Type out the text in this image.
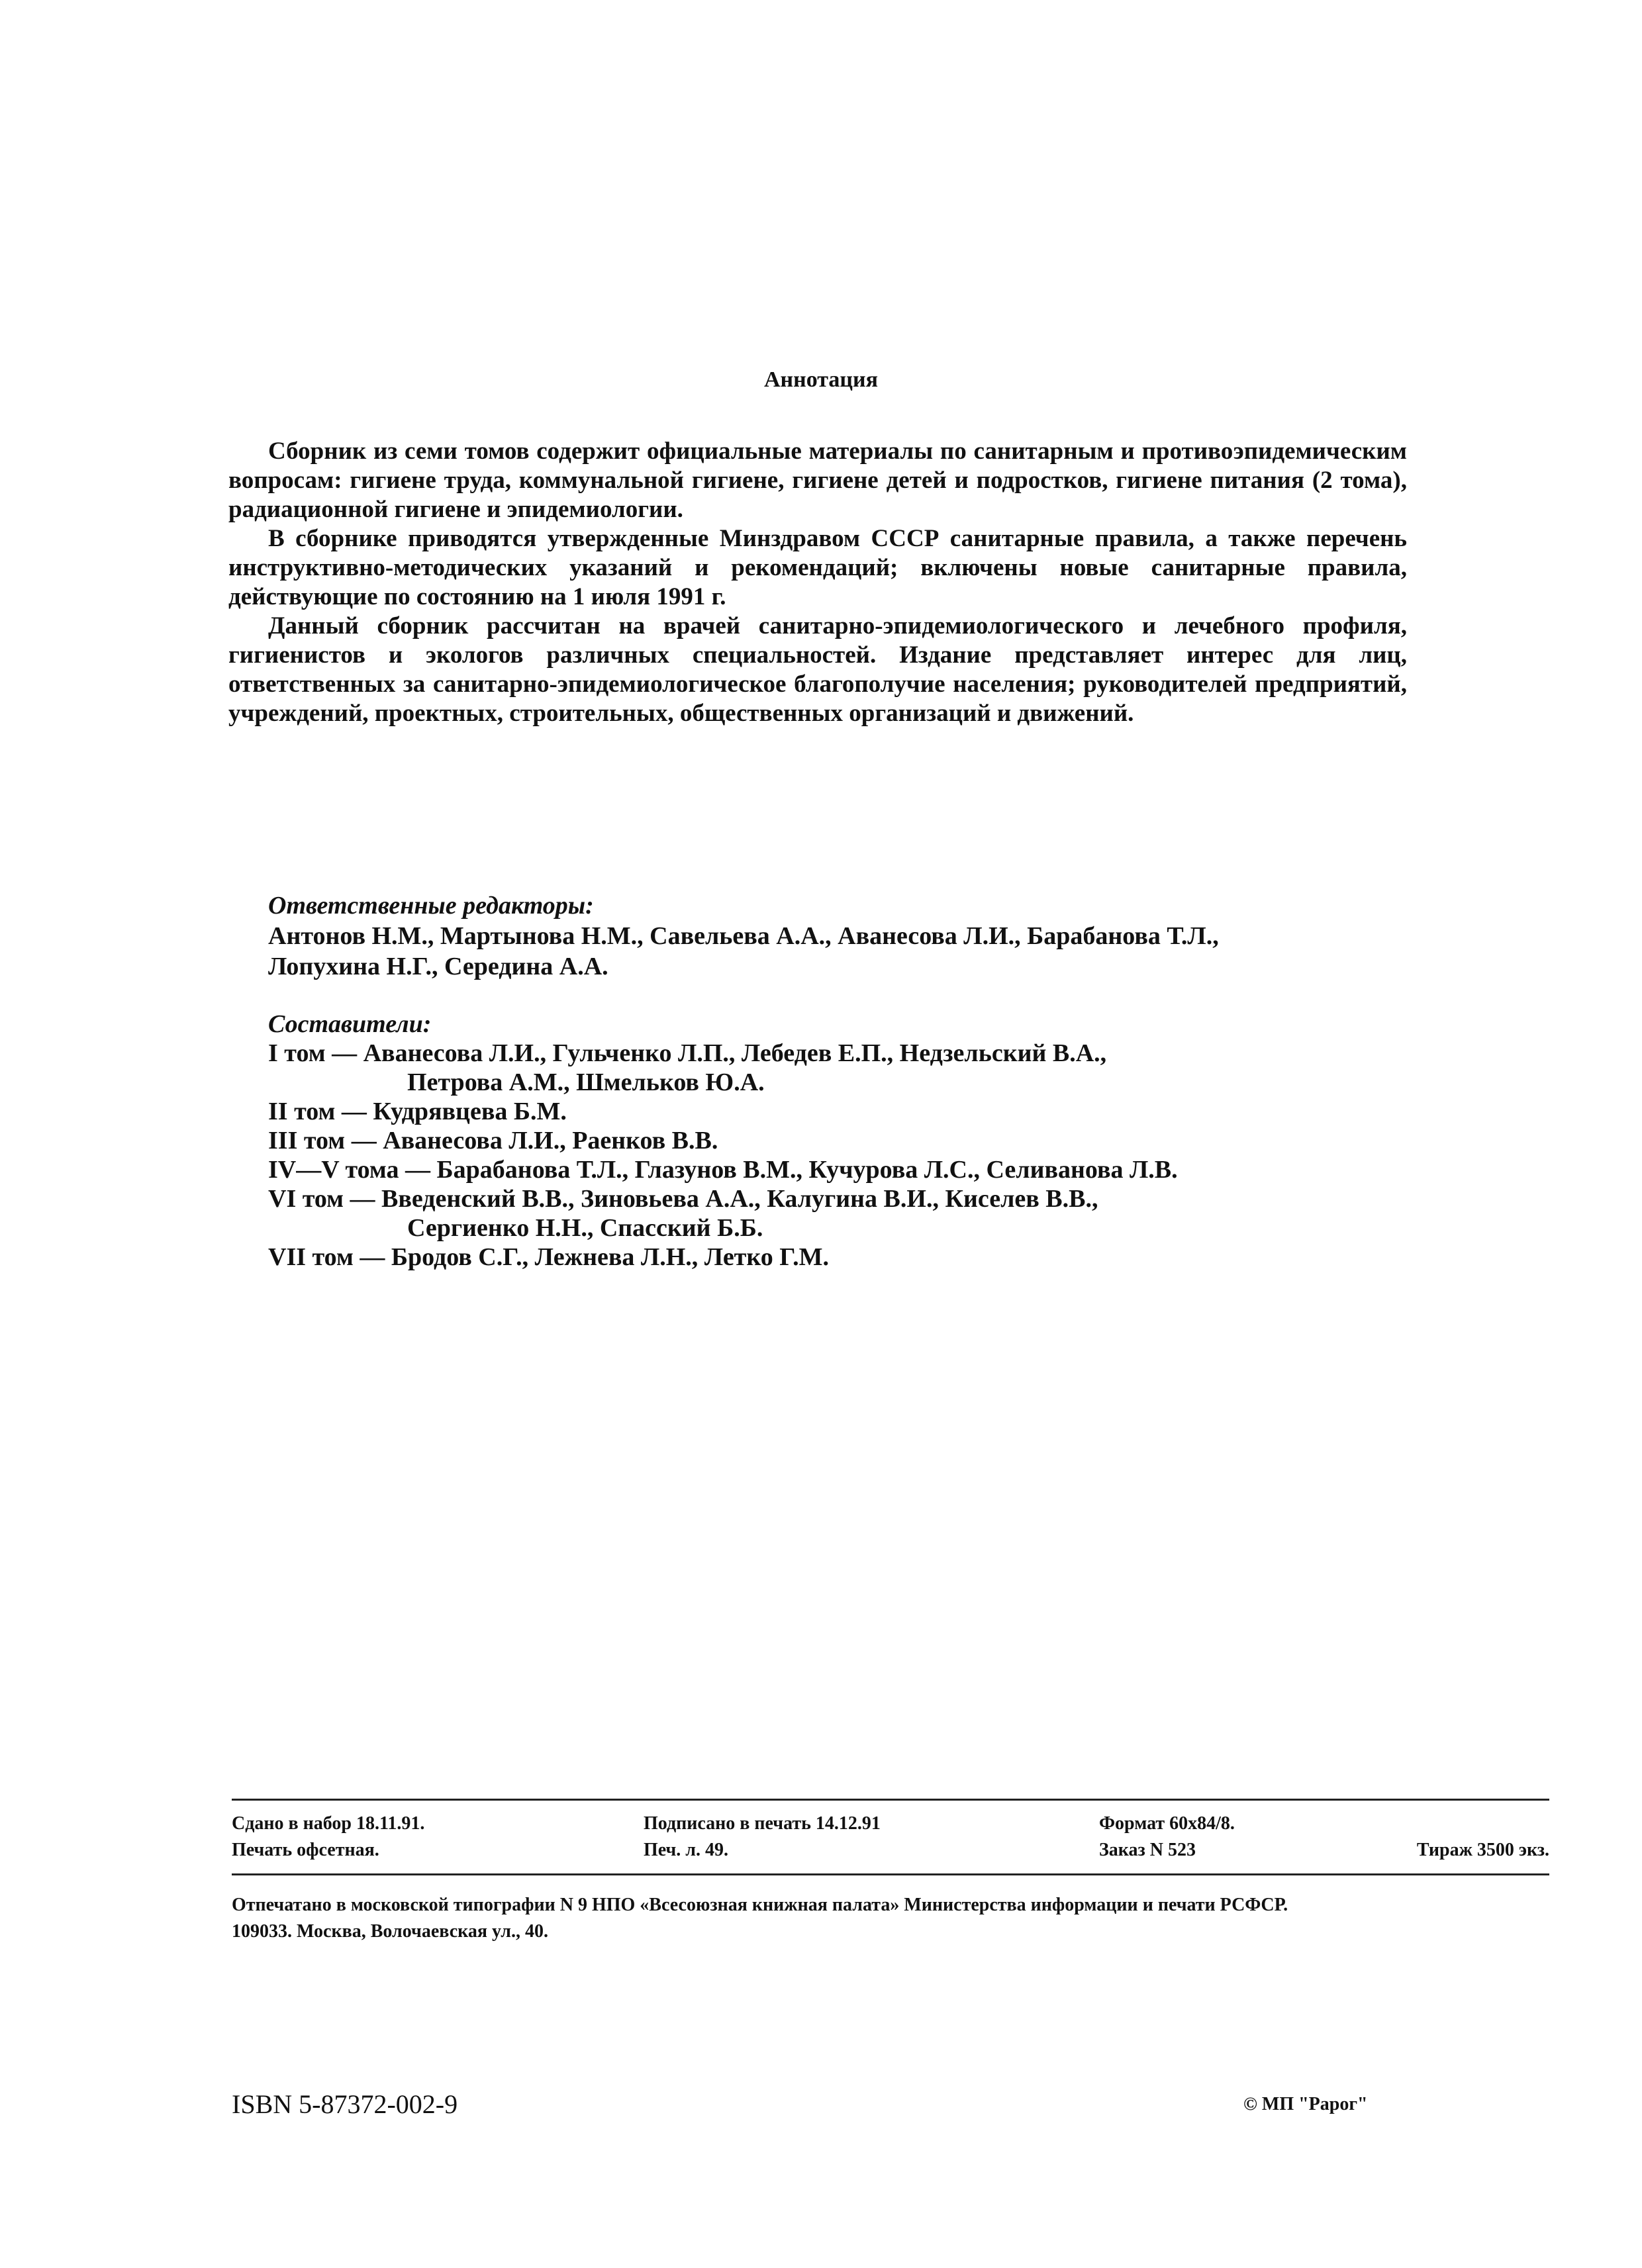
Аннотация

Сборник из семи томов содержит официальные материалы по санитарным и противоэпидемическим вопросам: гигиене труда, коммунальной гигиене, гигиене детей и подростков, гигиене питания (2 тома), радиационной гигиене и эпидемиологии.

В сборнике приводятся утвержденные Минздравом СССР санитарные правила, а также перечень инструктивно-методических указаний и рекомендаций; включены новые санитарные правила, действующие по состоянию на 1 июля 1991 г.

Данный сборник рассчитан на врачей санитарно-эпидемиологического и лечебного профиля, гигиенистов и экологов различных специальностей. Издание представляет интерес для лиц, ответственных за санитарно-эпидемиологическое благополучие населения; руководителей предприятий, учреждений, проектных, строительных, общественных организаций и движений.

Ответственные редакторы:
Антонов Н.М., Мартынова Н.М., Савельева А.А., Аванесова Л.И., Барабанова Т.Л.,
Лопухина Н.Г., Середина А.А.
Составители:
I том — Аванесова Л.И., Гульченко Л.П., Лебедев Е.П., Недзельский В.А.,
Петрова А.М., Шмельков Ю.А.
II том — Кудрявцева Б.М.
III том — Аванесова Л.И., Раенков В.В.
IV—V тома — Барабанова Т.Л., Глазунов В.М., Кучурова Л.С., Селиванова Л.В.
VI том — Введенский В.В., Зиновьева А.А., Калугина В.И., Киселев В.В.,
Сергиенко Н.Н., Спасский Б.Б.
VII том — Бродов С.Г., Лежнева Л.Н., Летко Г.М.
Сдано в набор 18.11.91.	Подписано в печать 14.12.91	Формат 60х84/8.
Печать офсетная.	Печ. л. 49.	Заказ N 523	Тираж 3500 экз.
Отпечатано в московской типографии N 9 НПО «Всесоюзная книжная палата» Министерства информации и печати РСФСР.
109033. Москва, Волочаевская ул., 40.
ISBN 5-87372-002-9	© МП "Рарог"
